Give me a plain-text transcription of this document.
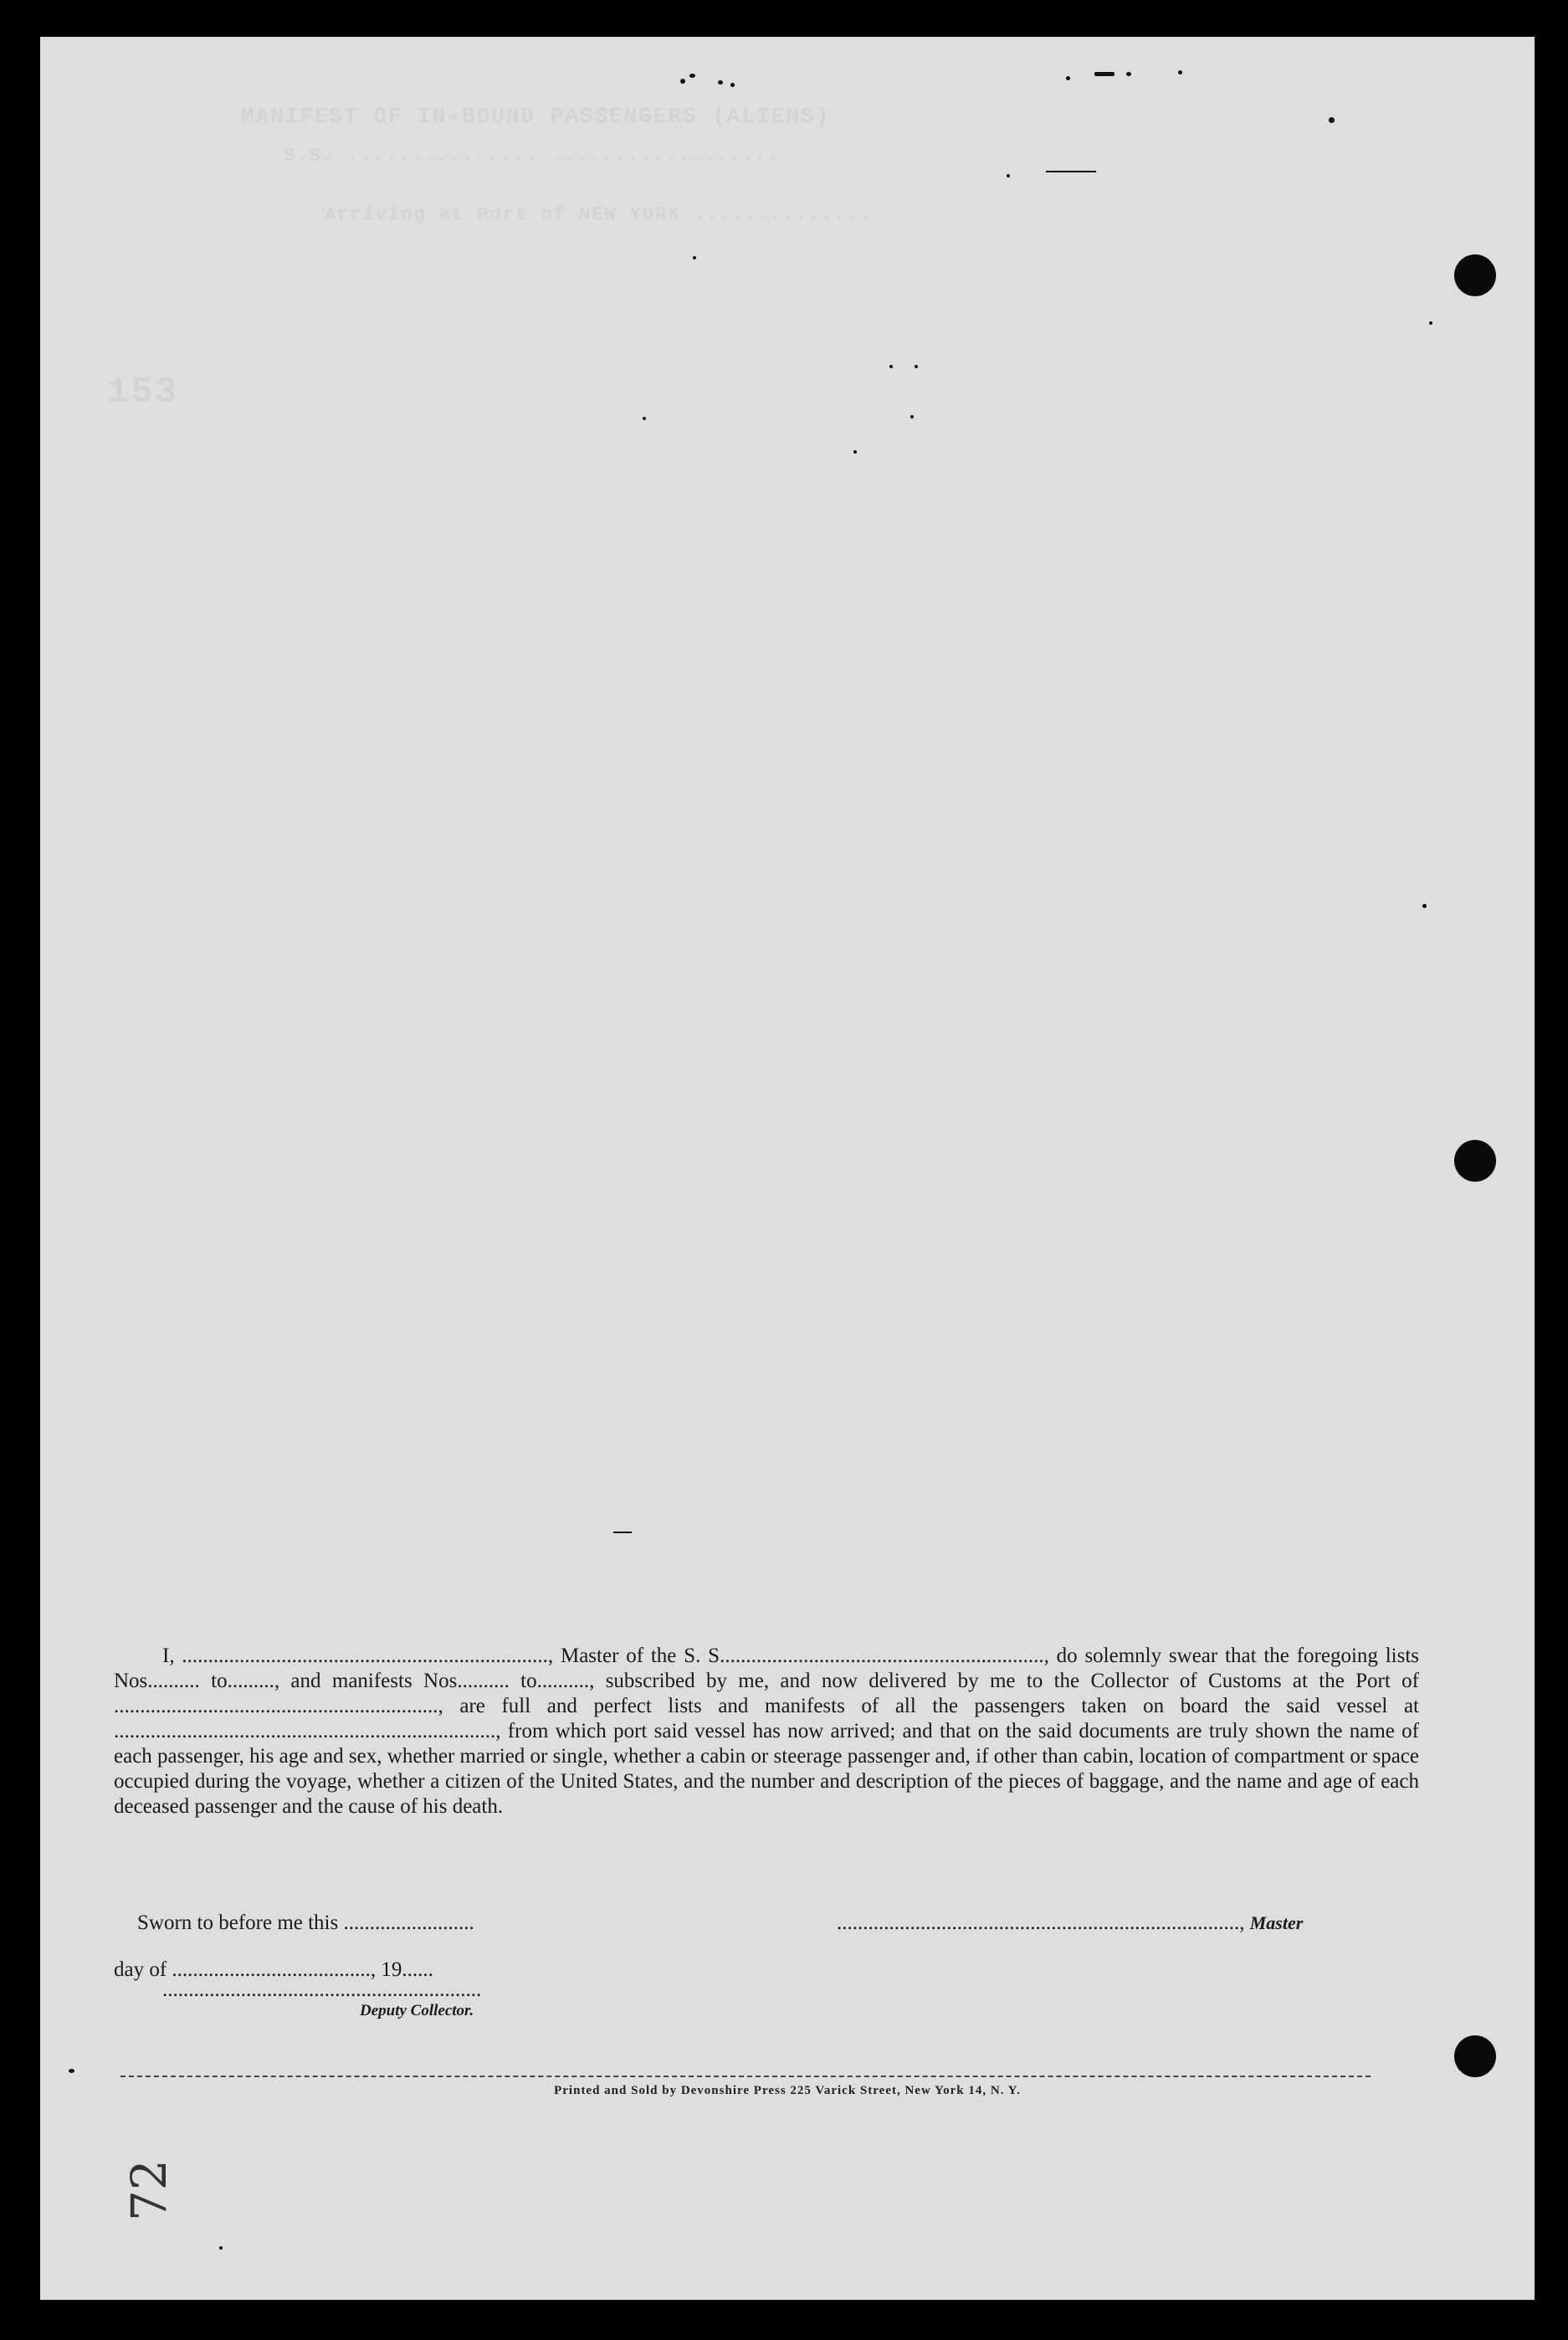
MANIFEST OF IN-BOUND PASSENGERS (ALIENS)
S.S. ............... ..................
Arriving at Port of NEW YORK ..............
153
I, ......................................................................, Master of the S. S.............................................................., do solemnly swear that the foregoing lists Nos.......... to........., and manifests Nos.......... to.........., subscribed by me, and now delivered by me to the Collector of Customs at the Port of .............................................................., are full and perfect lists and manifests of all the passengers taken on board the said vessel at ........................................................................., from which port said vessel has now arrived; and that on the said documents are truly shown the name of each passenger, his age and sex, whether married or single, whether a cabin or steerage passenger and, if other than cabin, location of compartment or space occupied during the voyage, whether a citizen of the United States, and the number and description of the pieces of baggage, and the name and age of each deceased passenger and the cause of his death.
Sworn to before me this .........................	............................................................................., Master
day of ......................................, 19......
.............................................................
Deputy Collector.
Printed and Sold by Devonshire Press 225 Varick Street, New York 14, N. Y.
72
